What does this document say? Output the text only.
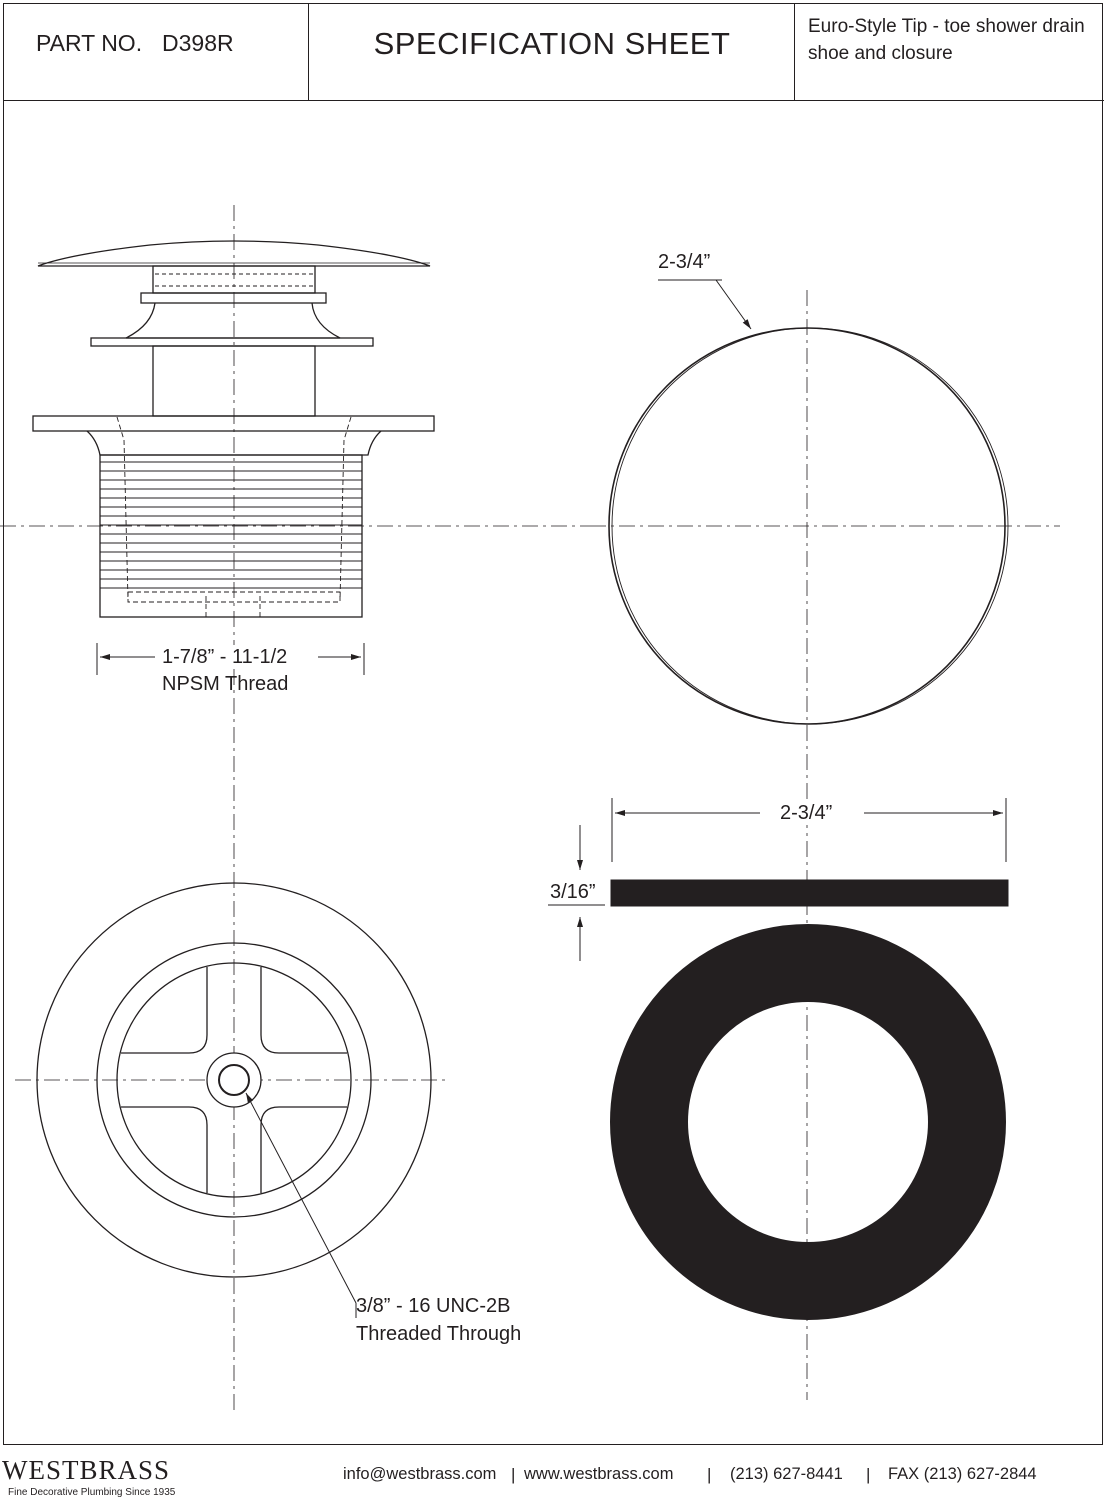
PART NO. D398R	SPECIFICATION SHEET	Euro-Style Tip - toe shower drain shoe and closure
1-7/8” - 11-1/2
NPSM Thread
2-3/4”
2-3/4”
3/16”
3/8” - 16 UNC-2B
Threaded Through
WESTBRASS
Fine Decorative Plumbing Since 1935
info@westbrass.com | www.westbrass.com | (213) 627-8441 | FAX (213) 627-2844
